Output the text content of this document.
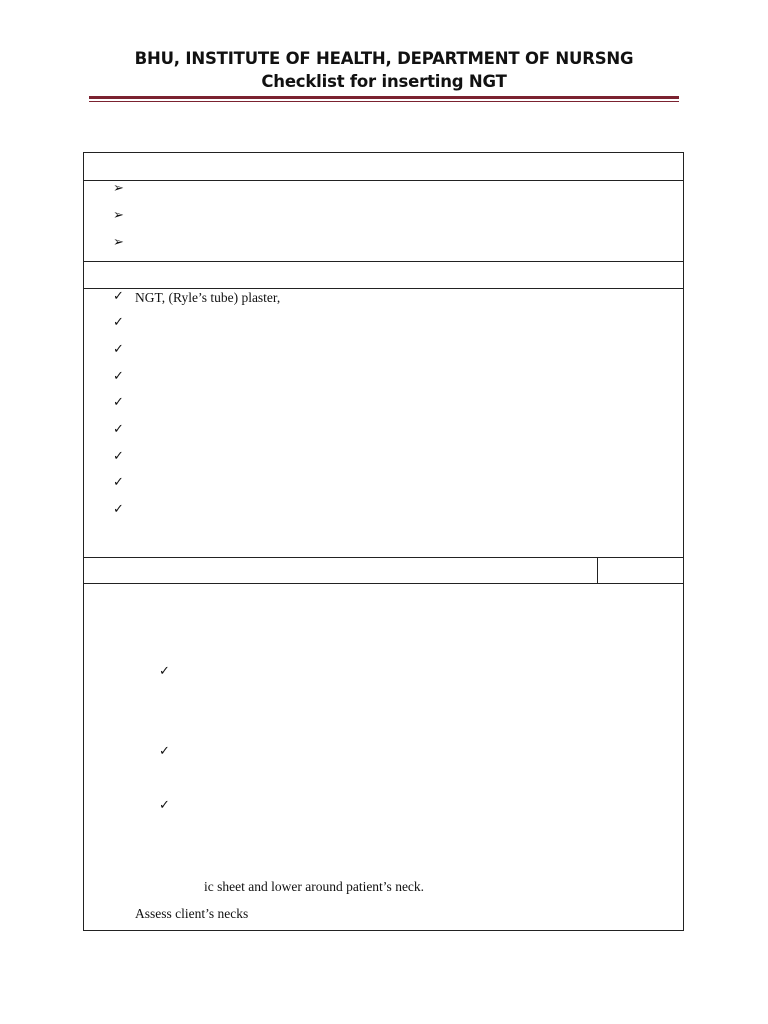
BHU, INSTITUTE OF HEALTH, DEPARTMENT OF NURSNG
Checklist for inserting NGT
➢
➢
➢
✓ NGT, (Ryle’s tube) plaster,
✓
✓
✓
✓
✓
✓
✓
✓
✓
✓
✓
ic sheet and lower around patient’s neck.
Assess client’s necks
